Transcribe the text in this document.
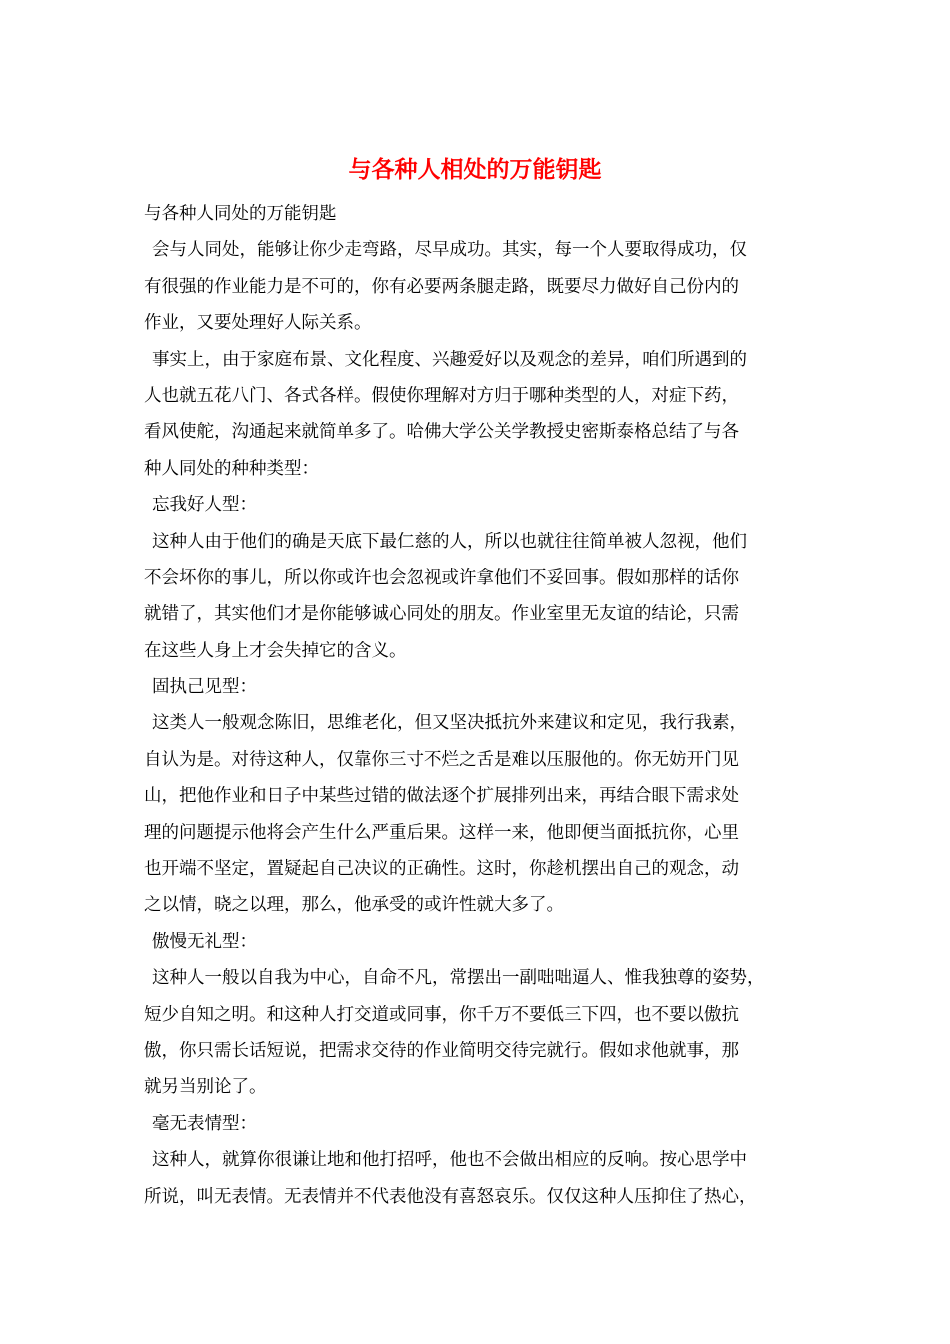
与各种人相处的万能钥匙

与各种人同处的万能钥匙

会与人同处，能够让你少走弯路，尽早成功。其实，每一个人要取得成功，仅

有很强的作业能力是不可的，你有必要两条腿走路，既要尽力做好自己份内的

作业，又要处理好人际关系。

事实上，由于家庭布景、文化程度、兴趣爱好以及观念的差异，咱们所遇到的

人也就五花八门、各式各样。假使你理解对方归于哪种类型的人，对症下药，

看风使舵，沟通起来就简单多了。哈佛大学公关学教授史密斯泰格总结了与各

种人同处的种种类型：

忘我好人型：

这种人由于他们的确是天底下最仁慈的人，所以也就往往简单被人忽视，他们

不会坏你的事儿，所以你或许也会忽视或许拿他们不妥回事。假如那样的话你

就错了，其实他们才是你能够诚心同处的朋友。作业室里无友谊的结论，只需

在这些人身上才会失掉它的含义。

固执己见型：

这类人一般观念陈旧，思维老化，但又坚决抵抗外来建议和定见，我行我素，

自认为是。对待这种人，仅靠你三寸不烂之舌是难以压服他的。你无妨开门见

山，把他作业和日子中某些过错的做法逐个扩展排列出来，再结合眼下需求处

理的问题提示他将会产生什么严重后果。这样一来，他即便当面抵抗你，心里

也开端不坚定，置疑起自己决议的正确性。这时，你趁机摆出自己的观念，动

之以情，晓之以理，那么，他承受的或许性就大多了。

傲慢无礼型：

这种人一般以自我为中心，自命不凡，常摆出一副咄咄逼人、惟我独尊的姿势，

短少自知之明。和这种人打交道或同事，你千万不要低三下四，也不要以傲抗

傲，你只需长话短说，把需求交待的作业简明交待完就行。假如求他就事，那

就另当别论了。

毫无表情型：

这种人，就算你很谦让地和他打招呼，他也不会做出相应的反响。按心思学中

所说，叫无表情。无表情并不代表他没有喜怒哀乐。仅仅这种人压抑住了热心，
